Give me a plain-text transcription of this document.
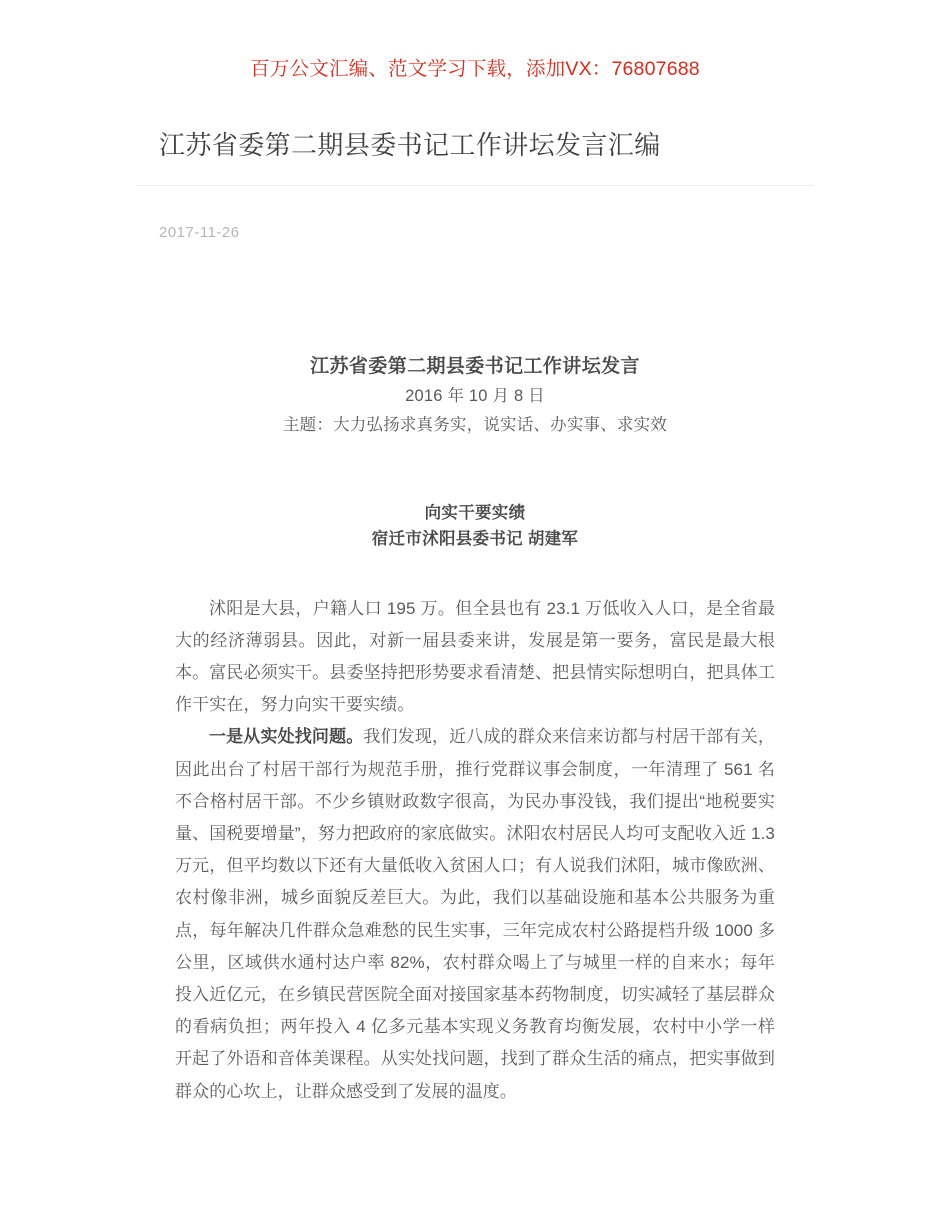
百万公文汇编、范文学习下载，添加VX：76807688
江苏省委第二期县委书记工作讲坛发言汇编
2017-11-26
江苏省委第二期县委书记工作讲坛发言
2016 年 10 月 8 日
主题：大力弘扬求真务实，说实话、办实事、求实效
向实干要实绩
宿迁市沭阳县委书记 胡建军

沭阳是大县，户籍人口 195 万。但全县也有 23.1 万低收入人口，是全省最大的经济薄弱县。因此，对新一届县委来讲，发展是第一要务，富民是最大根本。富民必须实干。县委坚持把形势要求看清楚、把县情实际想明白，把具体工作干实在，努力向实干要实绩。

一是从实处找问题。我们发现，近八成的群众来信来访都与村居干部有关，因此出台了村居干部行为规范手册，推行党群议事会制度，一年清理了 561 名不合格村居干部。不少乡镇财政数字很高，为民办事没钱，我们提出“地税要实量、国税要增量”，努力把政府的家底做实。沭阳农村居民人均可支配收入近 1.3 万元，但平均数以下还有大量低收入贫困人口；有人说我们沭阳，城市像欧洲、农村像非洲，城乡面貌反差巨大。为此，我们以基础设施和基本公共服务为重点，每年解决几件群众急难愁的民生实事，三年完成农村公路提档升级 1000 多公里，区域供水通村达户率 82%，农村群众喝上了与城里一样的自来水；每年投入近亿元，在乡镇民营医院全面对接国家基本药物制度，切实减轻了基层群众的看病负担；两年投入 4 亿多元基本实现义务教育均衡发展，农村中小学一样开起了外语和音体美课程。从实处找问题，找到了群众生活的痛点，把实事做到群众的心坎上，让群众感受到了发展的温度。
